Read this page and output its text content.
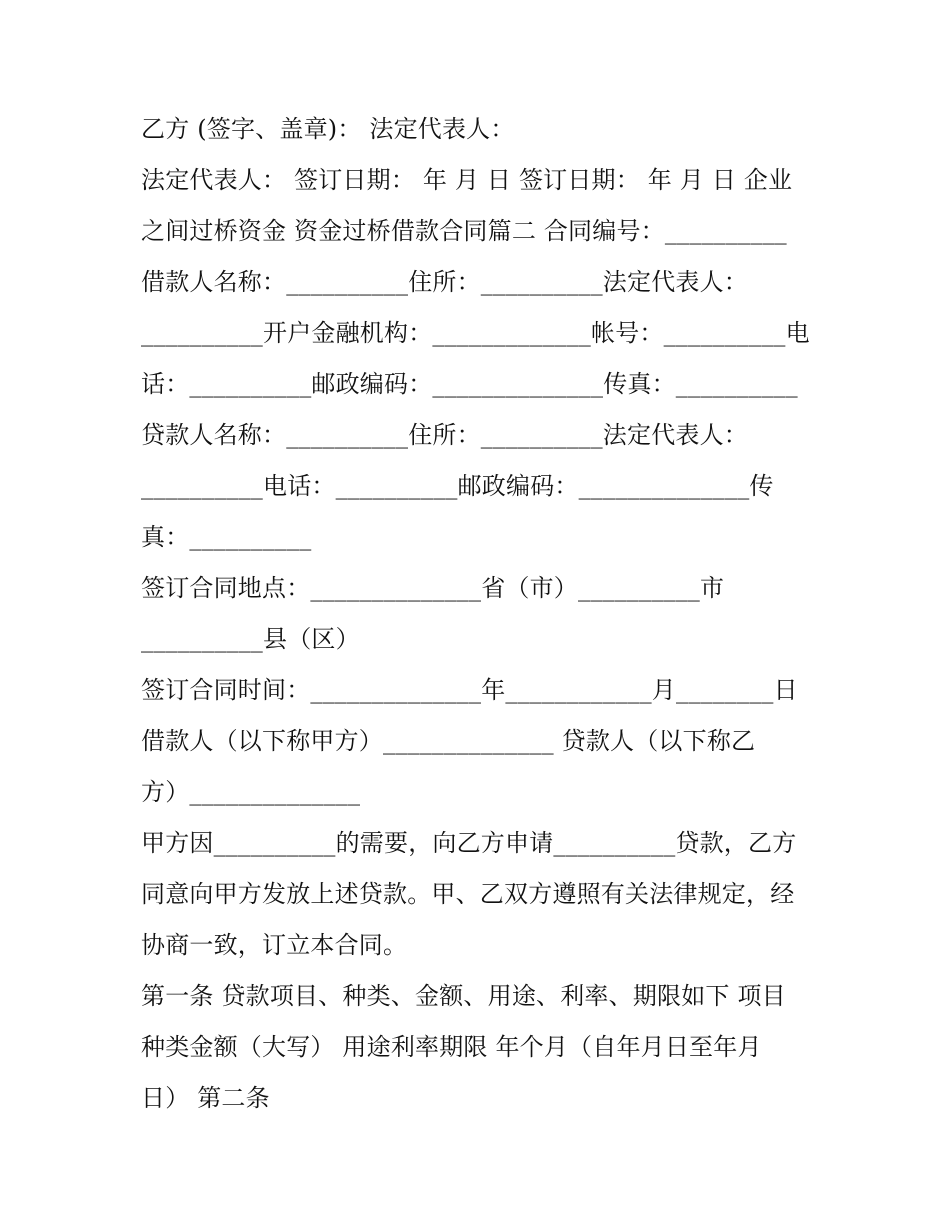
乙方 (签字、盖章)： 法定代表人：
法定代表人： 签订日期： 年 月 日 签订日期： 年 月 日 企业
之间过桥资金 资金过桥借款合同篇二 合同编号：__________
借款人名称：__________住所：__________法定代表人：
__________开户金融机构：_____________帐号：__________电
话：__________邮政编码：______________传真：__________
贷款人名称：__________住所：__________法定代表人：
__________电话：__________邮政编码：______________传
真：__________
签订合同地点：______________省（市）__________市
__________县（区）
签订合同时间：______________年____________月________日
借款人（以下称甲方）______________ 贷款人（以下称乙
方）______________
甲方因__________的需要，向乙方申请__________贷款，乙方
同意向甲方发放上述贷款。甲、乙双方遵照有关法律规定，经
协商一致，订立本合同。
第一条 贷款项目、种类、金额、用途、利率、期限如下 项目
种类金额（大写） 用途利率期限 年个月（自年月日至年月
日） 第二条
